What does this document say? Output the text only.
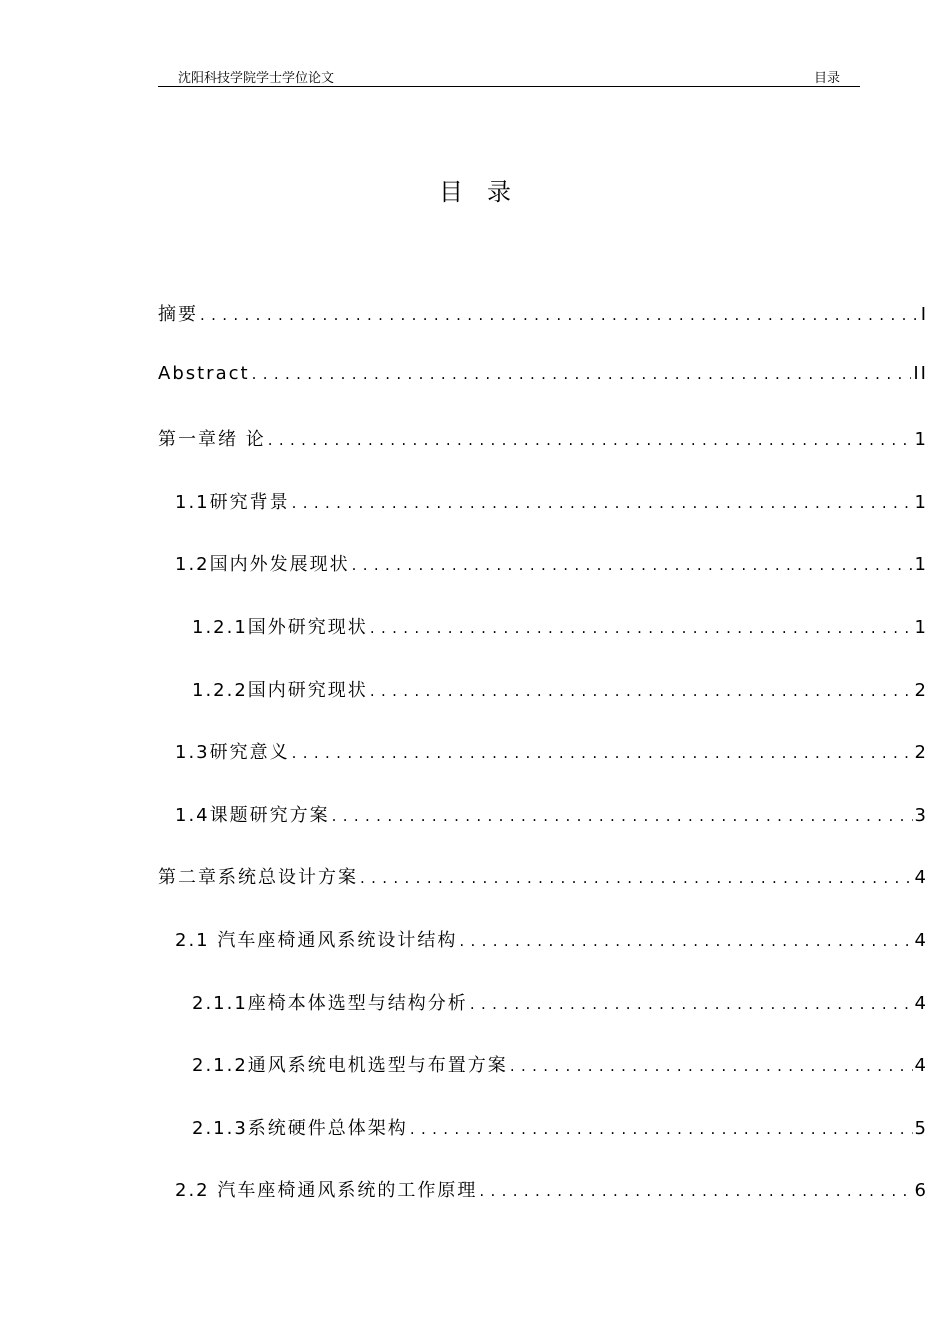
沈阳科技学院学士学位论文	目录
目录
摘要 . . .	I
Abstract . . .	II
第一章绪 论 . . .	1
1.1研究背景 . . .	1
1.2国内外发展现状 . . .	1
1.2.1国外研究现状 . . .	1
1.2.2国内研究现状 . . .	2
1.3研究意义 . . .	2
1.4课题研究方案 . . .	3
第二章系统总设计方案 . . .	4
2.1 汽车座椅通风系统设计结构 . . .	4
2.1.1座椅本体选型与结构分析 . . .	4
2.1.2通风系统电机选型与布置方案 . . .	4
2.1.3系统硬件总体架构 . . .	5
2.2 汽车座椅通风系统的工作原理 . . .	6
